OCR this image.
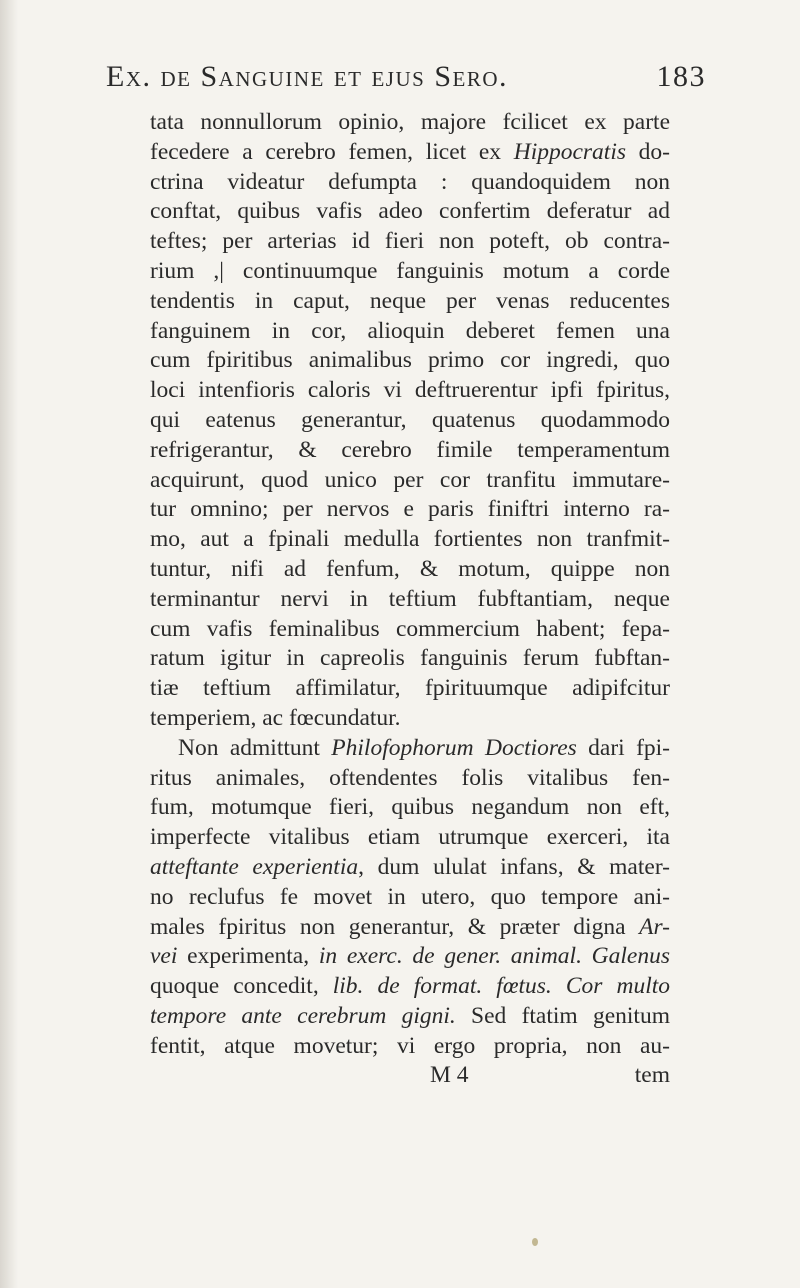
Ex. de Sanguine et ejus Sero.	183
tata nonnullorum opinio, majore fcilicet ex parte
fecedere a cerebro femen, licet ex Hippocratis do-
ctrina videatur defumpta : quandoquidem non
conftat, quibus vafis adeo confertim deferatur ad
teftes; per arterias id fieri non poteft, ob contra-
rium ,| continuumque fanguinis motum a corde
tendentis in caput, neque per venas reducentes
fanguinem in cor, alioquin deberet femen una
cum fpiritibus animalibus primo cor ingredi, quo
loci intenfioris caloris vi deftruerentur ipfi fpiritus,
qui eatenus generantur, quatenus quodammodo
refrigerantur, & cerebro fimile temperamentum
acquirunt, quod unico per cor tranfitu immutare-
tur omnino; per nervos e paris finiftri interno ra-
mo, aut a fpinali medulla fortientes non tranfmit-
tuntur, nifi ad fenfum, & motum, quippe non
terminantur nervi in teftium fubftantiam, neque
cum vafis feminalibus commercium habent; fepa-
ratum igitur in capreolis fanguinis ferum fubftan-
tiæ teftium affimilatur, fpirituumque adipifcitur
temperiem, ac fœcundatur.
Non admittunt Philofophorum Doctiores dari fpi-
ritus animales, oftendentes folis vitalibus fen-
fum, motumque fieri, quibus negandum non eft,
imperfecte vitalibus etiam utrumque exerceri, ita
atteftante experientia, dum ululat infans, & mater-
no reclufus fe movet in utero, quo tempore ani-
males fpiritus non generantur, & præter digna Ar-
vei experimenta, in exerc. de gener. animal. Galenus
quoque concedit, lib. de format. fœtus. Cor multo
tempore ante cerebrum gigni. Sed ftatim genitum
fentit, atque movetur; vi ergo propria, non au-
M 4	tem
